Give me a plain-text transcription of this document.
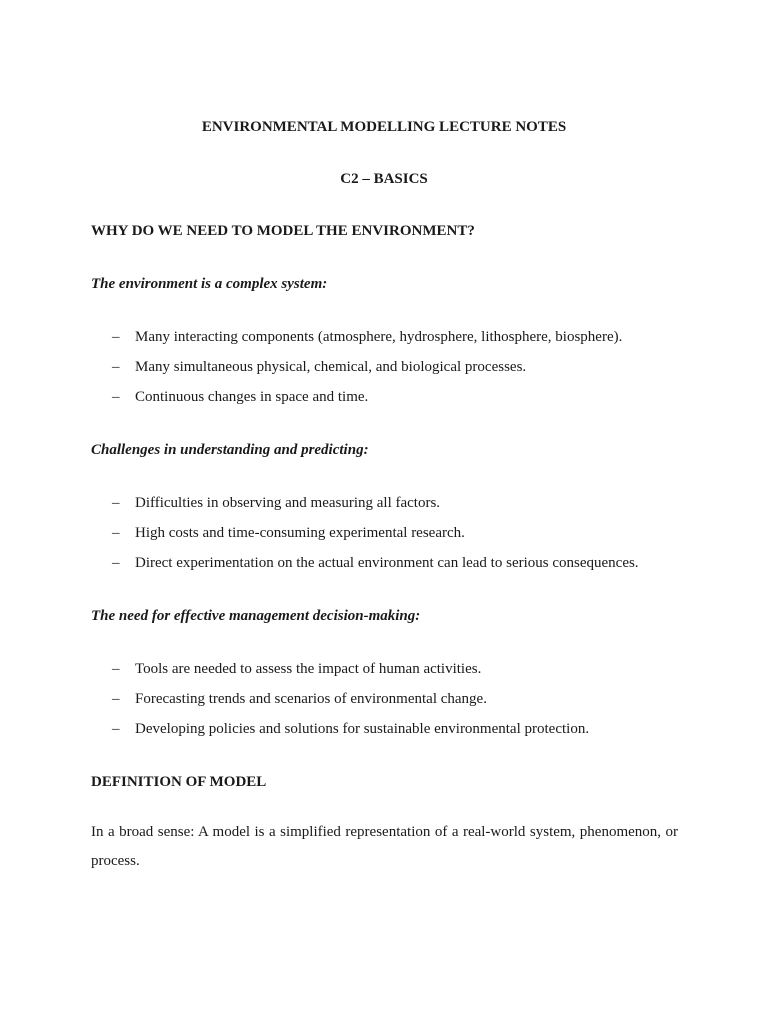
ENVIRONMENTAL MODELLING LECTURE NOTES
C2 – BASICS
WHY DO WE NEED TO MODEL THE ENVIRONMENT?
The environment is a complex system:
– Many interacting components (atmosphere, hydrosphere, lithosphere, biosphere).
– Many simultaneous physical, chemical, and biological processes.
– Continuous changes in space and time.
Challenges in understanding and predicting:
– Difficulties in observing and measuring all factors.
– High costs and time-consuming experimental research.
– Direct experimentation on the actual environment can lead to serious consequences.
The need for effective management decision-making:
– Tools are needed to assess the impact of human activities.
– Forecasting trends and scenarios of environmental change.
– Developing policies and solutions for sustainable environmental protection.
DEFINITION OF MODEL

In a broad sense: A model is a simplified representation of a real-world system, phenomenon, or process.
